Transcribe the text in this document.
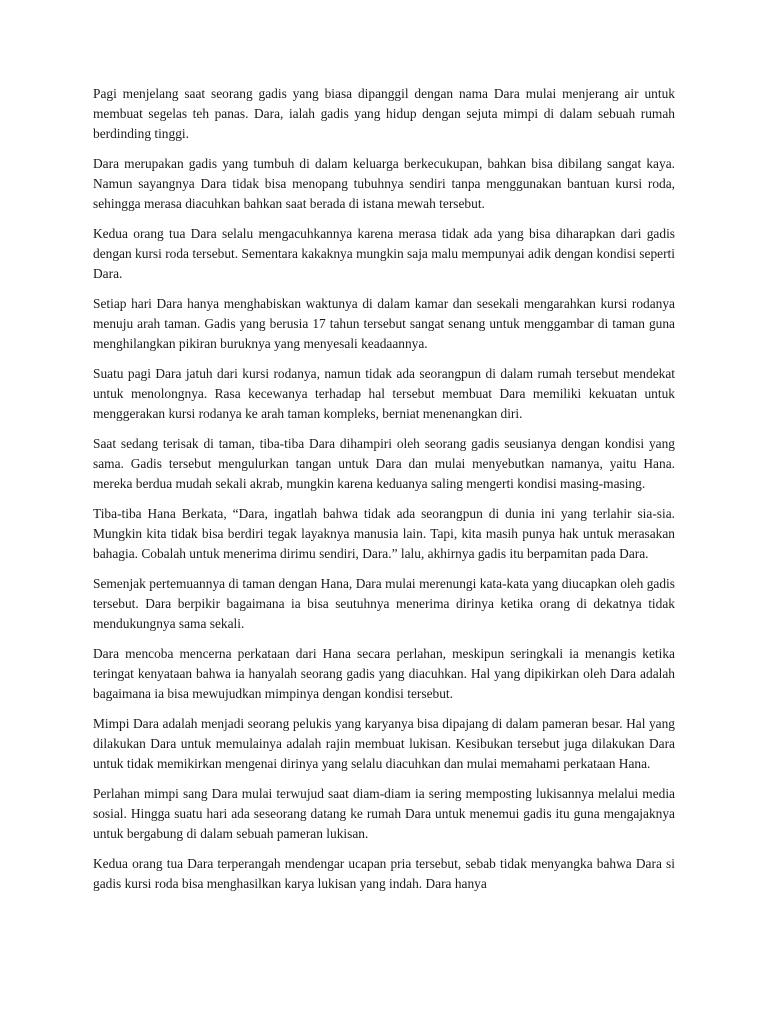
Pagi menjelang saat seorang gadis yang biasa dipanggil dengan nama Dara mulai menjerang air untuk membuat segelas teh panas. Dara, ialah gadis yang hidup dengan sejuta mimpi di dalam sebuah rumah berdinding tinggi.

Dara merupakan gadis yang tumbuh di dalam keluarga berkecukupan, bahkan bisa dibilang sangat kaya. Namun sayangnya Dara tidak bisa menopang tubuhnya sendiri tanpa menggunakan bantuan kursi roda, sehingga merasa diacuhkan bahkan saat berada di istana mewah tersebut.

Kedua orang tua Dara selalu mengacuhkannya karena merasa tidak ada yang bisa diharapkan dari gadis dengan kursi roda tersebut. Sementara kakaknya mungkin saja malu mempunyai adik dengan kondisi seperti Dara.

Setiap hari Dara hanya menghabiskan waktunya di dalam kamar dan sesekali mengarahkan kursi rodanya menuju arah taman. Gadis yang berusia 17 tahun tersebut sangat senang untuk menggambar di taman guna menghilangkan pikiran buruknya yang menyesali keadaannya.

Suatu pagi Dara jatuh dari kursi rodanya, namun tidak ada seorangpun di dalam rumah tersebut mendekat untuk menolongnya. Rasa kecewanya terhadap hal tersebut membuat Dara memiliki kekuatan untuk menggerakan kursi rodanya ke arah taman kompleks, berniat menenangkan diri.

Saat sedang terisak di taman, tiba-tiba Dara dihampiri oleh seorang gadis seusianya dengan kondisi yang sama. Gadis tersebut mengulurkan tangan untuk Dara dan mulai menyebutkan namanya, yaitu Hana. mereka berdua mudah sekali akrab, mungkin karena keduanya saling mengerti kondisi masing-masing.

Tiba-tiba Hana Berkata, “Dara, ingatlah bahwa tidak ada seorangpun di dunia ini yang terlahir sia-sia. Mungkin kita tidak bisa berdiri tegak layaknya manusia lain. Tapi, kita masih punya hak untuk merasakan bahagia. Cobalah untuk menerima dirimu sendiri, Dara.” lalu, akhirnya gadis itu berpamitan pada Dara.

Semenjak pertemuannya di taman dengan Hana, Dara mulai merenungi kata-kata yang diucapkan oleh gadis tersebut. Dara berpikir bagaimana ia bisa seutuhnya menerima dirinya ketika orang di dekatnya tidak mendukungnya sama sekali.

Dara mencoba mencerna perkataan dari Hana secara perlahan, meskipun seringkali ia menangis ketika teringat kenyataan bahwa ia hanyalah seorang gadis yang diacuhkan. Hal yang dipikirkan oleh Dara adalah bagaimana ia bisa mewujudkan mimpinya dengan kondisi tersebut.

Mimpi Dara adalah menjadi seorang pelukis yang karyanya bisa dipajang di dalam pameran besar. Hal yang dilakukan Dara untuk memulainya adalah rajin membuat lukisan. Kesibukan tersebut juga dilakukan Dara untuk tidak memikirkan mengenai dirinya yang selalu diacuhkan dan mulai memahami perkataan Hana.

Perlahan mimpi sang Dara mulai terwujud saat diam-diam ia sering memposting lukisannya melalui media sosial. Hingga suatu hari ada seseorang datang ke rumah Dara untuk menemui gadis itu guna mengajaknya untuk bergabung di dalam sebuah pameran lukisan.

Kedua orang tua Dara terperangah mendengar ucapan pria tersebut, sebab tidak menyangka bahwa Dara si gadis kursi roda bisa menghasilkan karya lukisan yang indah. Dara hanya
